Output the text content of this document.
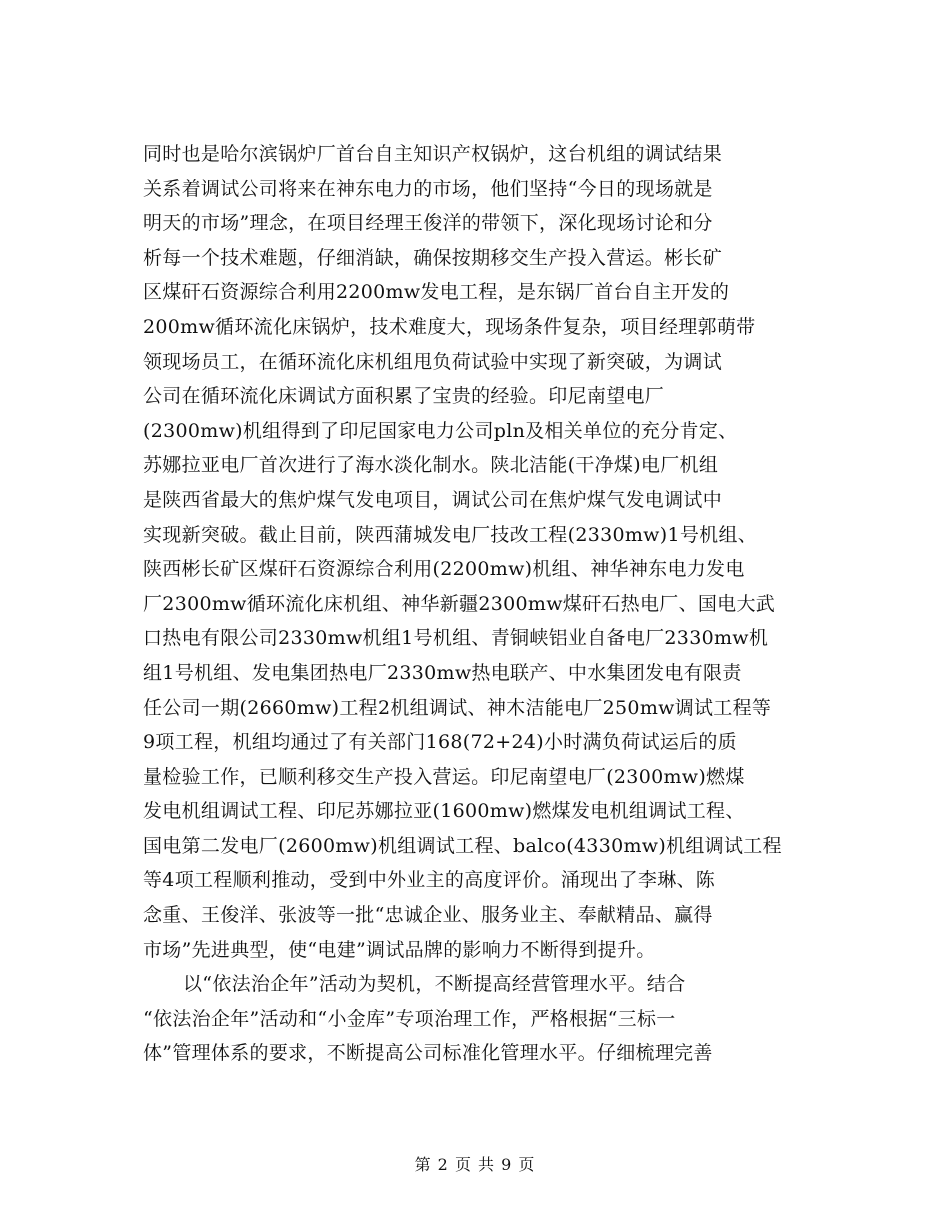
同时也是哈尔滨锅炉厂首台自主知识产权锅炉，这台机组的调试结果
关系着调试公司将来在神东电力的市场，他们坚持“今日的现场就是
明天的市场”理念，在项目经理王俊洋的带领下，深化现场讨论和分
析每一个技术难题，仔细消缺，确保按期移交生产投入营运。彬长矿
区煤矸石资源综合利用2200mw发电工程，是东锅厂首台自主开发的
200mw循环流化床锅炉，技术难度大，现场条件复杂，项目经理郭萌带
领现场员工，在循环流化床机组甩负荷试验中实现了新突破，为调试
公司在循环流化床调试方面积累了宝贵的经验。印尼南望电厂
(2300mw)机组得到了印尼国家电力公司pln及相关单位的充分肯定、
苏娜拉亚电厂首次进行了海水淡化制水。陕北洁能(干净煤)电厂机组
是陕西省最大的焦炉煤气发电项目，调试公司在焦炉煤气发电调试中
实现新突破。截止目前，陕西蒲城发电厂技改工程(2330mw)1号机组、
陕西彬长矿区煤矸石资源综合利用(2200mw)机组、神华神东电力发电
厂2300mw循环流化床机组、神华新疆2300mw煤矸石热电厂、国电大武
口热电有限公司2330mw机组1号机组、青铜峡铝业自备电厂2330mw机
组1号机组、发电集团热电厂2330mw热电联产、中水集团发电有限责
任公司一期(2660mw)工程2机组调试、神木洁能电厂250mw调试工程等
9项工程，机组均通过了有关部门168(72+24)小时满负荷试运后的质
量检验工作，已顺利移交生产投入营运。印尼南望电厂(2300mw)燃煤
发电机组调试工程、印尼苏娜拉亚(1600mw)燃煤发电机组调试工程、
国电第二发电厂(2600mw)机组调试工程、balco(4330mw)机组调试工程
等4项工程顺利推动，受到中外业主的高度评价。涌现出了李琳、陈
念重、王俊洋、张波等一批“忠诚企业、服务业主、奉献精品、赢得
市场”先进典型，使“电建”调试品牌的影响力不断得到提升。
以“依法治企年”活动为契机，不断提高经营管理水平。结合
“依法治企年”活动和“小金库”专项治理工作，严格根据“三标一
体”管理体系的要求，不断提高公司标准化管理水平。仔细梳理完善
第 2 页 共 9 页
